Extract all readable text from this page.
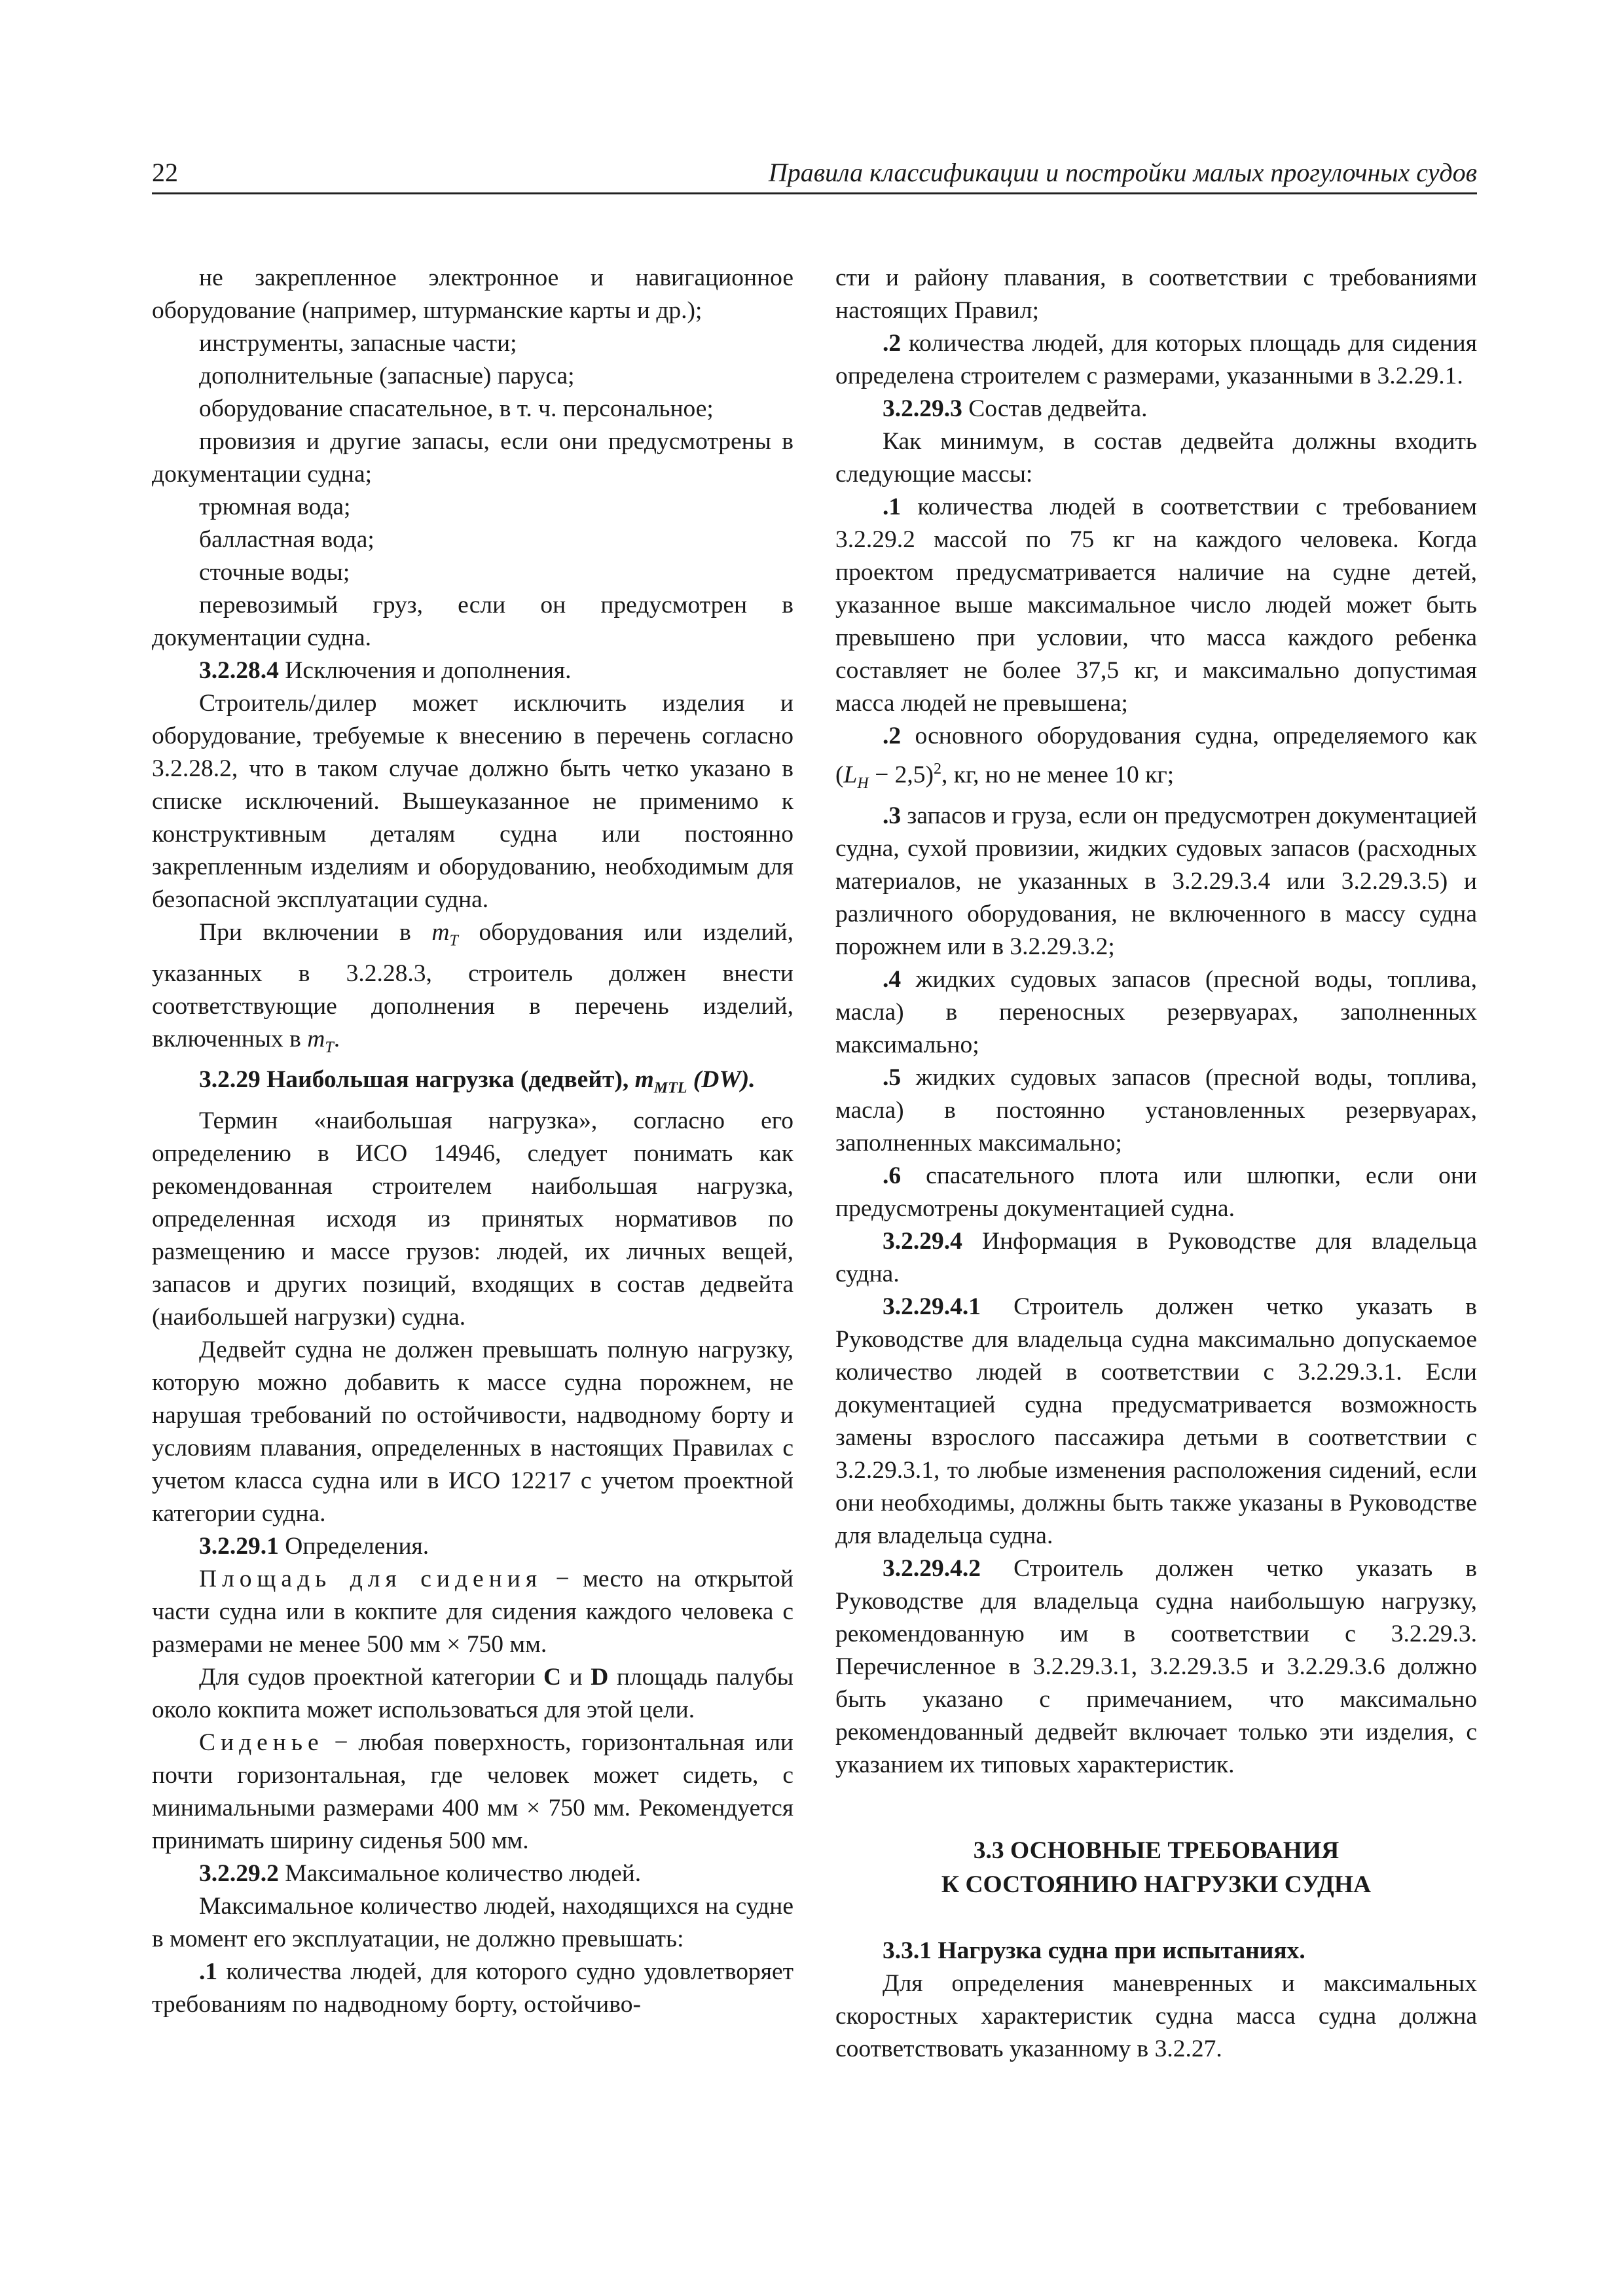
22	Правила классификации и постройки малых прогулочных судов

не закрепленное электронное и навигационное оборудование (например, штурманские карты и др.);

инструменты, запасные части;

дополнительные (запасные) паруса;

оборудование спасательное, в т. ч. персональное;

провизия и другие запасы, если они предусмотрены в документации судна;

трюмная вода;

балластная вода;

сточные воды;

перевозимый груз, если он предусмотрен в документации судна.

3.2.28.4 Исключения и дополнения.

Строитель/дилер может исключить изделия и оборудование, требуемые к внесению в перечень согласно 3.2.28.2, что в таком случае должно быть четко указано в списке исключений. Вышеуказанное не применимо к конструктивным деталям судна или постоянно закрепленным изделиям и оборудованию, необходимым для безопасной эксплуатации судна.

При включении в $m_T$ оборудования или изделий, указанных в 3.2.28.3, строитель должен внести соответствующие дополнения в перечень изделий, включенных в $m_T$.

3.2.29 Наибольшая нагрузка (дедвейт), $m_{MTL}$ (DW).

Термин «наибольшая нагрузка», согласно его определению в ИСО 14946, следует понимать как рекомендованная строителем наибольшая нагрузка, определенная исходя из принятых нормативов по размещению и массе грузов: людей, их личных вещей, запасов и других позиций, входящих в состав дедвейта (наибольшей нагрузки) судна.

Дедвейт судна не должен превышать полную нагрузку, которую можно добавить к массе судна порожнем, не нарушая требований по остойчивости, надводному борту и условиям плавания, определенных в настоящих Правилах с учетом класса судна или в ИСО 12217 с учетом проектной категории судна.

3.2.29.1 Определения.

Площадь для сидения − место на открытой части судна или в кокпите для сидения каждого человека с размерами не менее 500 мм × 750 мм.

Для судов проектной категории C и D площадь палубы около кокпита может использоваться для этой цели.

Сиденье − любая поверхность, горизонтальная или почти горизонтальная, где человек может сидеть, с минимальными размерами 400 мм × 750 мм. Рекомендуется принимать ширину сиденья 500 мм.

3.2.29.2 Максимальное количество людей.

Максимальное количество людей, находящихся на судне в момент его эксплуатации, не должно превышать:

.1 количества людей, для которого судно удовлетворяет требованиям по надводному борту, остойчиво-

сти и району плавания, в соответствии с требованиями настоящих Правил;

.2 количества людей, для которых площадь для сидения определена строителем с размерами, указанными в 3.2.29.1.

3.2.29.3 Состав дедвейта.

Как минимум, в состав дедвейта должны входить следующие массы:

.1 количества людей в соответствии с требованием 3.2.29.2 массой по 75 кг на каждого человека. Когда проектом предусматривается наличие на судне детей, указанное выше максимальное число людей может быть превышено при условии, что масса каждого ребенка составляет не более 37,5 кг, и максимально допустимая масса людей не превышена;

.2 основного оборудования судна, определяемого как $(L_H - 2,5)^2$, кг, но не менее 10 кг;

.3 запасов и груза, если он предусмотрен документацией судна, сухой провизии, жидких судовых запасов (расходных материалов, не указанных в 3.2.29.3.4 или 3.2.29.3.5) и различного оборудования, не включенного в массу судна порожнем или в 3.2.29.3.2;

.4 жидких судовых запасов (пресной воды, топлива, масла) в переносных резервуарах, заполненных максимально;

.5 жидких судовых запасов (пресной воды, топлива, масла) в постоянно установленных резервуарах, заполненных максимально;

.6 спасательного плота или шлюпки, если они предусмотрены документацией судна.

3.2.29.4 Информация в Руководстве для владельца судна.

3.2.29.4.1 Строитель должен четко указать в Руководстве для владельца судна максимально допускаемое количество людей в соответствии с 3.2.29.3.1. Если документацией судна предусматривается возможность замены взрослого пассажира детьми в соответствии с 3.2.29.3.1, то любые изменения расположения сидений, если они необходимы, должны быть также указаны в Руководстве для владельца судна.

3.2.29.4.2 Строитель должен четко указать в Руководстве для владельца судна наибольшую нагрузку, рекомендованную им в соответствии с 3.2.29.3. Перечисленное в 3.2.29.3.1, 3.2.29.3.5 и 3.2.29.3.6 должно быть указано с примечанием, что максимально рекомендованный дедвейт включает только эти изделия, с указанием их типовых характеристик.

3.3 ОСНОВНЫЕ ТРЕБОВАНИЯ
К СОСТОЯНИЮ НАГРУЗКИ СУДНА

3.3.1 Нагрузка судна при испытаниях.

Для определения маневренных и максимальных скоростных характеристик судна масса судна должна соответствовать указанному в 3.2.27.
